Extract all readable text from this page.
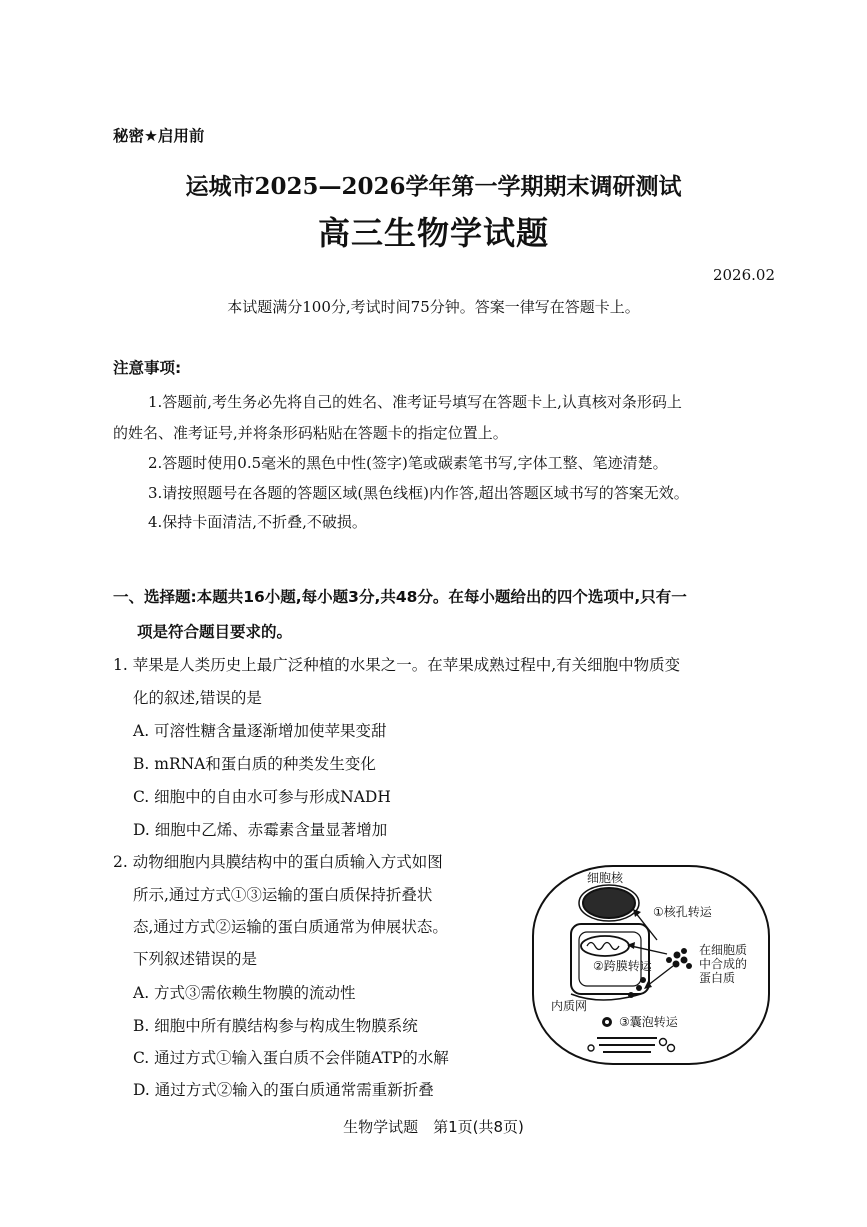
秘密★启用前
运城市2025—2026学年第一学期期末调研测试
高三生物学试题
2026.02
本试题满分100分,考试时间75分钟。答案一律写在答题卡上。
注意事项:
1.答题前,考生务必先将自己的姓名、准考证号填写在答题卡上,认真核对条形码上
的姓名、准考证号,并将条形码粘贴在答题卡的指定位置上。
2.答题时使用0.5毫米的黑色中性(签字)笔或碳素笔书写,字体工整、笔迹清楚。
3.请按照题号在各题的答题区域(黑色线框)内作答,超出答题区域书写的答案无效。
4.保持卡面清洁,不折叠,不破损。
一、选择题:本题共16小题,每小题3分,共48分。在每小题给出的四个选项中,只有一
项是符合题目要求的。
1. 苹果是人类历史上最广泛种植的水果之一。在苹果成熟过程中,有关细胞中物质变
化的叙述,错误的是
A. 可溶性糖含量逐渐增加使苹果变甜
B. mRNA和蛋白质的种类发生变化
C. 细胞中的自由水可参与形成NADH
D. 细胞中乙烯、赤霉素含量显著增加
2. 动物细胞内具膜结构中的蛋白质输入方式如图
所示,通过方式①③运输的蛋白质保持折叠状
态,通过方式②运输的蛋白质通常为伸展状态。
下列叙述错误的是
A. 方式③需依赖生物膜的流动性
B. 细胞中所有膜结构参与构成生物膜系统
C. 通过方式①输入蛋白质不会伴随ATP的水解
D. 通过方式②输入的蛋白质通常需重新折叠
细胞核
①核孔转运
②跨膜转运
在细胞质
中合成的
蛋白质
内质网
③囊泡转运
生物学试题　第1页(共8页)
